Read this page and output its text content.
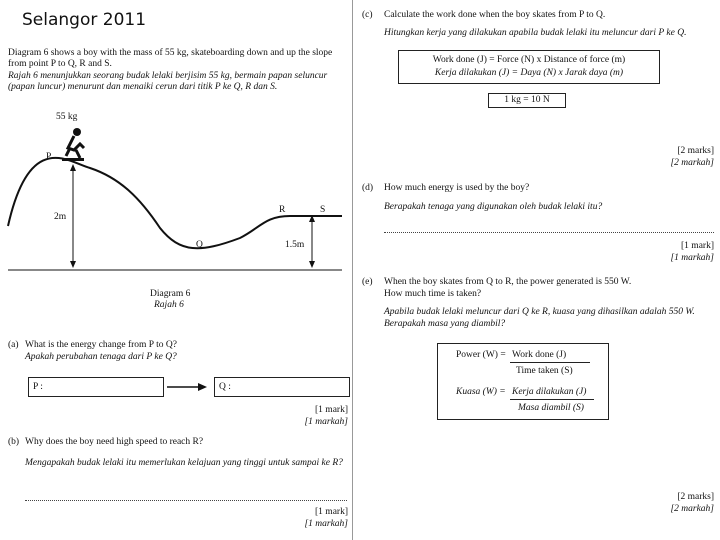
Selangor 2011
Diagram 6 shows a boy with the mass of 55 kg, skateboarding down and up the slope from point P to Q, R and S.
Rajah 6 menunjukkan seorang budak lelaki berjisim 55 kg, bermain papan seluncur (papan luncur) menurunt dan menaiki cerun dari titik P ke Q, R dan S.
55 kg
P
2m
Q
R	S
1.5m
Diagram 6
Rajah 6
(a) What is the energy change from P to Q?
Apakah perubahan tenaga dari P ke Q?
P :	Q :
[1 mark]
[1 markah]
(b) Why does the boy need high speed to reach R?
Mengapakah budak lelaki itu memerlukan kelajuan yang tinggi untuk sampai ke R?
[1 mark]
[1 markah]
(c) Calculate the work done when the boy skates from P to Q.
Hitungkan kerja yang dilakukan apabila budak lelaki itu meluncur dari P ke Q.
Work done (J) = Force (N) x Distance of force (m)
Kerja dilakukan (J) = Daya (N) x Jarak daya (m)
1 kg = 10 N
[2 marks]
[2 markah]
(d) How much energy is used by the boy?
Berapakah tenaga yang digunakan oleh budak lelaki itu?
[1 mark]
[1 markah]
(e) When the boy skates from Q to R, the power generated is 550 W.
How much time is taken?
Apabila budak lelaki meluncur dari Q ke R, kuasa yang dihasilkan adalah 550 W.
Berapakah masa yang diambil?
Power (W) = Work done (J)
Time taken (S)
Kuasa (W) = Kerja dilakukan (J)
Masa diambil (S)
[2 marks]
[2 markah]
